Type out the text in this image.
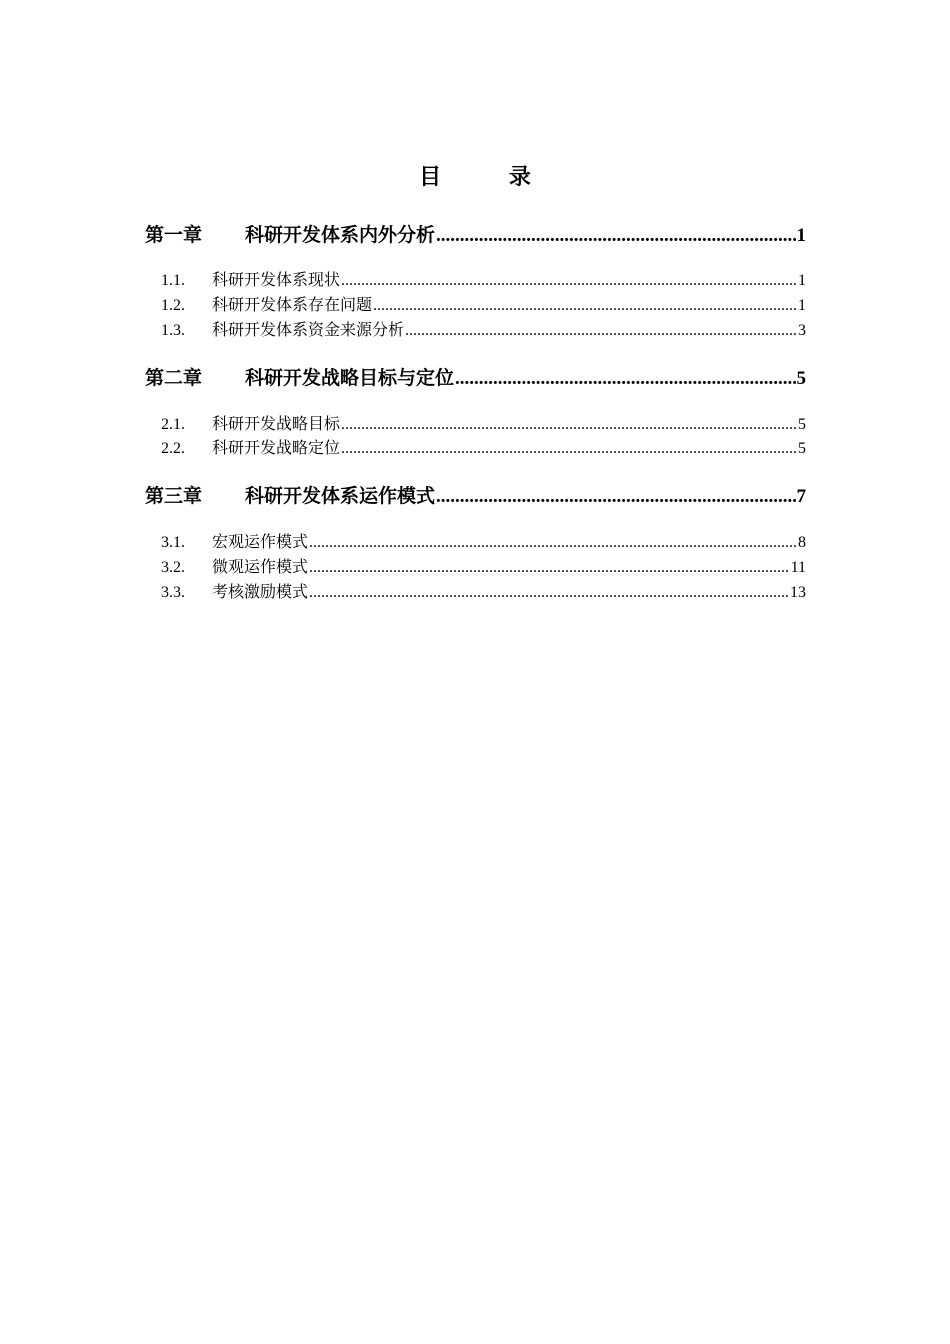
目 录
第一章	科研开发体系内外分析 .....	1
1.1.	科研开发体系现状 .....	1
1.2.	科研开发体系存在问题 .....	1
1.3.	科研开发体系资金来源分析 .....	3
第二章	科研开发战略目标与定位 .....	5
2.1.	科研开发战略目标 .....	5
2.2.	科研开发战略定位 .....	5
第三章	科研开发体系运作模式 .....	7
3.1.	宏观运作模式 .....	8
3.2.	微观运作模式 .....	11
3.3.	考核激励模式 .....	13
